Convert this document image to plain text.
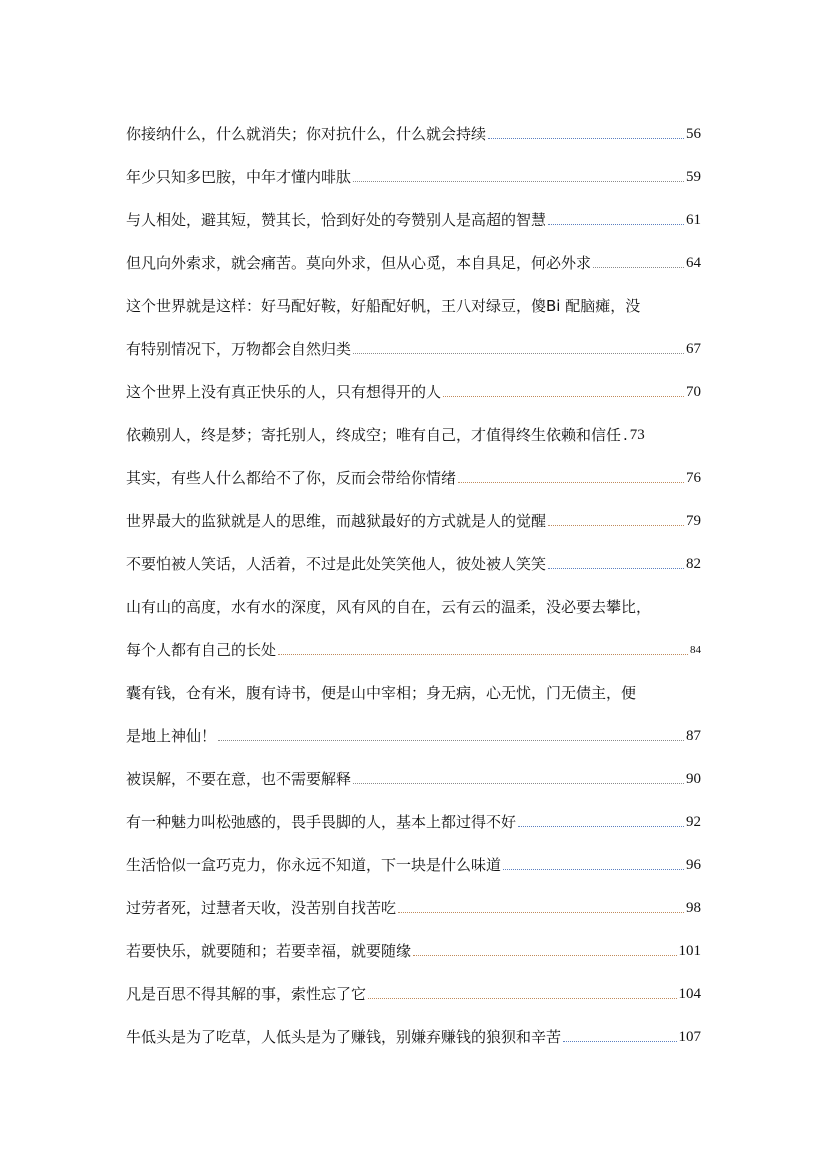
你接纳什么，什么就消失；你对抗什么，什么就会持续	56
年少只知多巴胺，中年才懂内啡肽	59
与人相处，避其短，赞其长，恰到好处的夸赞别人是高超的智慧	61
但凡向外索求，就会痛苦。莫向外求，但从心觅，本自具足，何必外求	64
这个世界就是这样：好马配好鞍，好船配好帆，王八对绿豆，傻Bi 配脑瘫，没
有特别情况下，万物都会自然归类	67
这个世界上没有真正快乐的人，只有想得开的人	70
依赖别人，终是梦；寄托别人，终成空；唯有自己，才值得终生依赖和信任 . 73
其实，有些人什么都给不了你，反而会带给你情绪	76
世界最大的监狱就是人的思维，而越狱最好的方式就是人的觉醒	79
不要怕被人笑话，人活着，不过是此处笑笑他人，彼处被人笑笑	82
山有山的高度，水有水的深度，风有风的自在，云有云的温柔，没必要去攀比，
每个人都有自己的长处	84
囊有钱，仓有米，腹有诗书，便是山中宰相；身无病，心无忧，门无债主，便
是地上神仙！	87
被误解，不要在意，也不需要解释	90
有一种魅力叫松弛感的，畏手畏脚的人，基本上都过得不好	92
生活恰似一盒巧克力，你永远不知道，下一块是什么味道	96
过劳者死，过慧者天收，没苦别自找苦吃	98
若要快乐，就要随和；若要幸福，就要随缘	101
凡是百思不得其解的事，索性忘了它	104
牛低头是为了吃草，人低头是为了赚钱，别嫌弃赚钱的狼狈和辛苦	107
